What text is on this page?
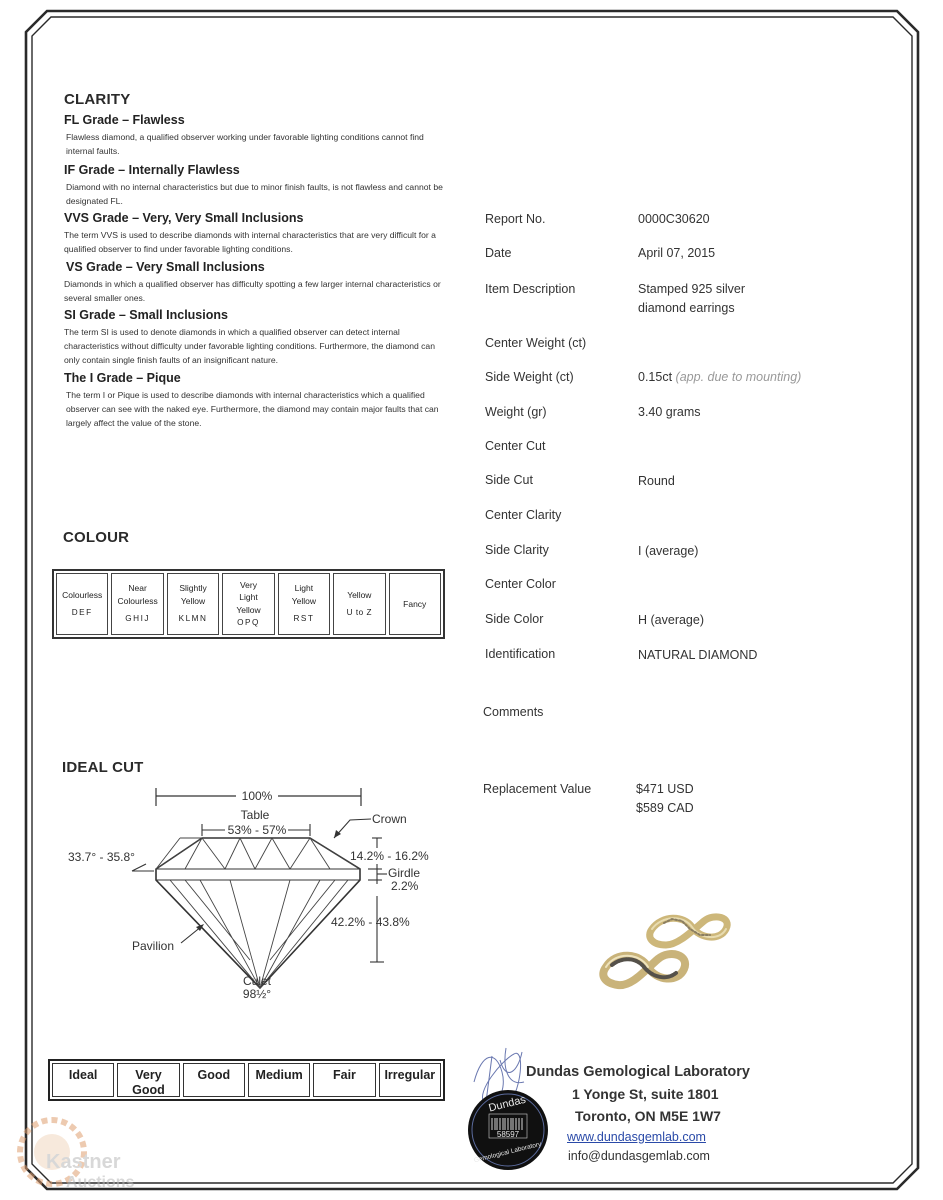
CLARITY
FL Grade – Flawless
Flawless diamond, a qualified observer working under favorable lighting conditions cannot find internal faults.
IF Grade – Internally Flawless
Diamond with no internal characteristics but due to minor finish faults, is not flawless and cannot be designated FL.
VVS Grade – Very, Very Small Inclusions
The term VVS is used to describe diamonds with internal characteristics that are very difficult for a qualified observer to find under favorable lighting conditions.
VS Grade – Very Small Inclusions
Diamonds in which a qualified observer has difficulty spotting a few larger internal characteristics or several smaller ones.
SI Grade – Small Inclusions
The term SI is used to denote diamonds in which a qualified observer can detect internal characteristics without difficulty under favorable lighting conditions. Furthermore, the diamond can only contain single finish faults of an insignificant nature.
The I Grade – Pique
The term I or Pique is used to describe diamonds with internal characteristics which a qualified observer can see with the naked eye. Furthermore, the diamond may contain major faults that can largely affect the value of the stone.
COLOUR
Colourless
DEF
Near Colourless
GHIJ
Slightly Yellow
KLMN
Very Light Yellow
OPQ
Light Yellow
RST
Yellow
U to Z
Fancy
IDEAL CUT
100%
Table
53% - 57%
Crown
33.7° - 35.8°	14.2% - 16.2%
Girdle
2.2%
42.2% - 43.8%
Pavilion
Culet
98½°
Ideal	Very Good
Good	Medium	Fair	Irregular
Report No.	0000C30620
Date	April 07, 2015
Item Description	Stamped 925 silver
diamond earrings
Center Weight (ct)
Side Weight (ct)	0.15ct (app. due to mounting)
Weight (gr)	3.40 grams
Center Cut
Side Cut	Round
Center Clarity
Side Clarity	I (average)
Center Color
Side Color	H (average)
Identification	NATURAL DIAMOND
Comments
Replacement Value	$471 USD
$589 CAD
Dundas
58597
Gemological Laboratory
Dundas Gemological Laboratory
1 Yonge St, suite 1801
Toronto, ON M5E 1W7
www.dundasgemlab.com
info@dundasgemlab.com
Kastner
Auctions
